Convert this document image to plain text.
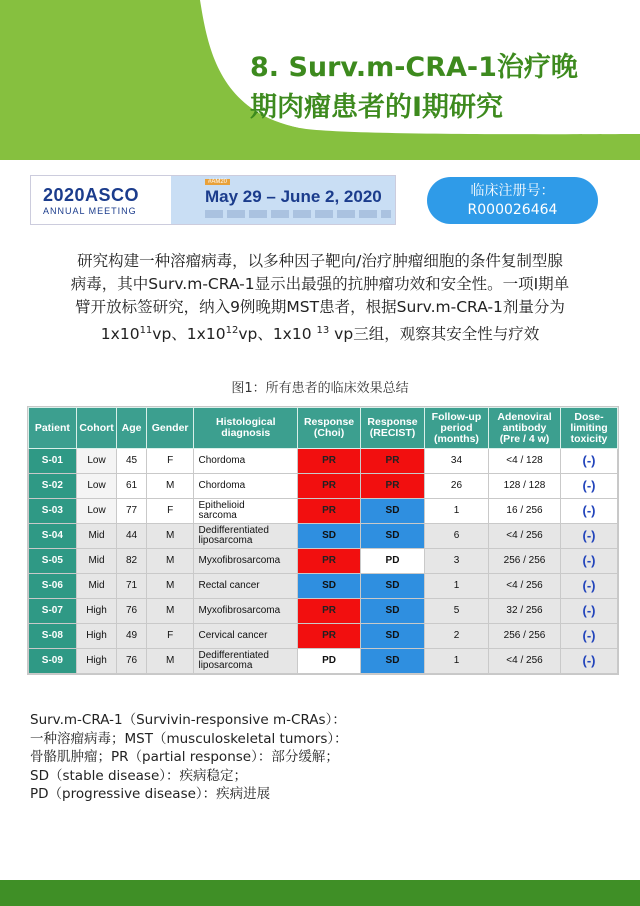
8. Surv.m-CRA-1治疗晚
期肉瘤患者的I期研究
2020ASCO
ANNUAL MEETING
#AM20
May 29 – June 2, 2020	临床注册号：
R000026464
研究构建一种溶瘤病毒，以多种因子靶向/治疗肿瘤细胞的条件复制型腺
病毒，其中Surv.m-CRA-1显示出最强的抗肿瘤功效和安全性。一项I期单
臂开放标签研究，纳入9例晚期MST患者，根据Surv.m-CRA-1剂量分为
$1x10^{11}vp$、$1x10^{12}vp$、1x10 $^{13}$ vp三组，观察其安全性与疗效
图1：所有患者的临床效果总结
Patient	Cohort	Age	Gender	Histological
diagnosis	Response
(Choi)	Response
(RECIST)	Follow-up
period
(months)	Adenoviral
antibody
(Pre / 4 w)	Dose-
limiting
toxicity
S-01	Low	45	F	Chordoma	PR	PR	34	<4 / 128	(-)
S-02	Low	61	M	Chordoma	PR	PR	26	128 / 128	(-)
S-03	Low	77	F	Epithelioid
sarcoma	PR	SD	1	16 / 256	(-)
S-04	Mid	44	M	Dedifferentiated
liposarcoma	SD	SD	6	<4 / 256	(-)
S-05	Mid	82	M	Myxofibrosarcoma	PR	PD	3	256 / 256	(-)
S-06	Mid	71	M	Rectal cancer	SD	SD	1	<4 / 256	(-)
S-07	High	76	M	Myxofibrosarcoma	PR	SD	5	32 / 256	(-)
S-08	High	49	F	Cervical cancer	PR	SD	2	256 / 256	(-)
S-09	High	76	M	Dedifferentiated
liposarcoma	PD	SD	1	<4 / 256	(-)
Surv.m-CRA-1（Survivin-responsive m-CRAs）：
一种溶瘤病毒；MST（musculoskeletal tumors）：
骨骼肌肿瘤；PR（partial response）：部分缓解；
SD（stable disease）：疾病稳定；
PD（progressive disease）：疾病进展
